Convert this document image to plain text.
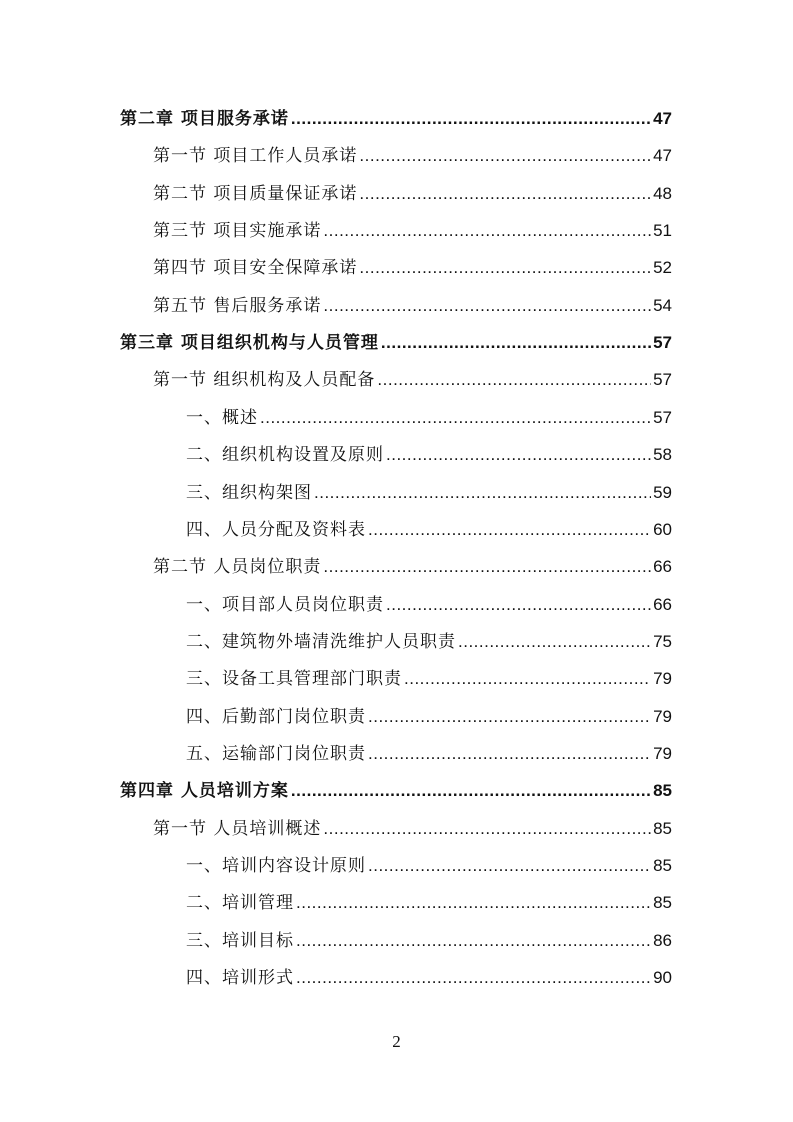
第二章 项目服务承诺 .....	47
第一节 项目工作人员承诺 .....	47
第二节 项目质量保证承诺 .....	48
第三节 项目实施承诺 .....	51
第四节 项目安全保障承诺 .....	52
第五节 售后服务承诺 .....	54
第三章 项目组织机构与人员管理 .....	57
第一节 组织机构及人员配备 .....	57
一、概述 .....	57
二、组织机构设置及原则 .....	58
三、组织构架图 .....	59
四、人员分配及资料表 .....	60
第二节 人员岗位职责 .....	66
一、项目部人员岗位职责 .....	66
二、建筑物外墙清洗维护人员职责 .....	75
三、设备工具管理部门职责 .....	79
四、后勤部门岗位职责 .....	79
五、运输部门岗位职责 .....	79
第四章 人员培训方案 .....	85
第一节 人员培训概述 .....	85
一、培训内容设计原则 .....	85
二、培训管理 .....	85
三、培训目标 .....	86
四、培训形式 .....	90
2
